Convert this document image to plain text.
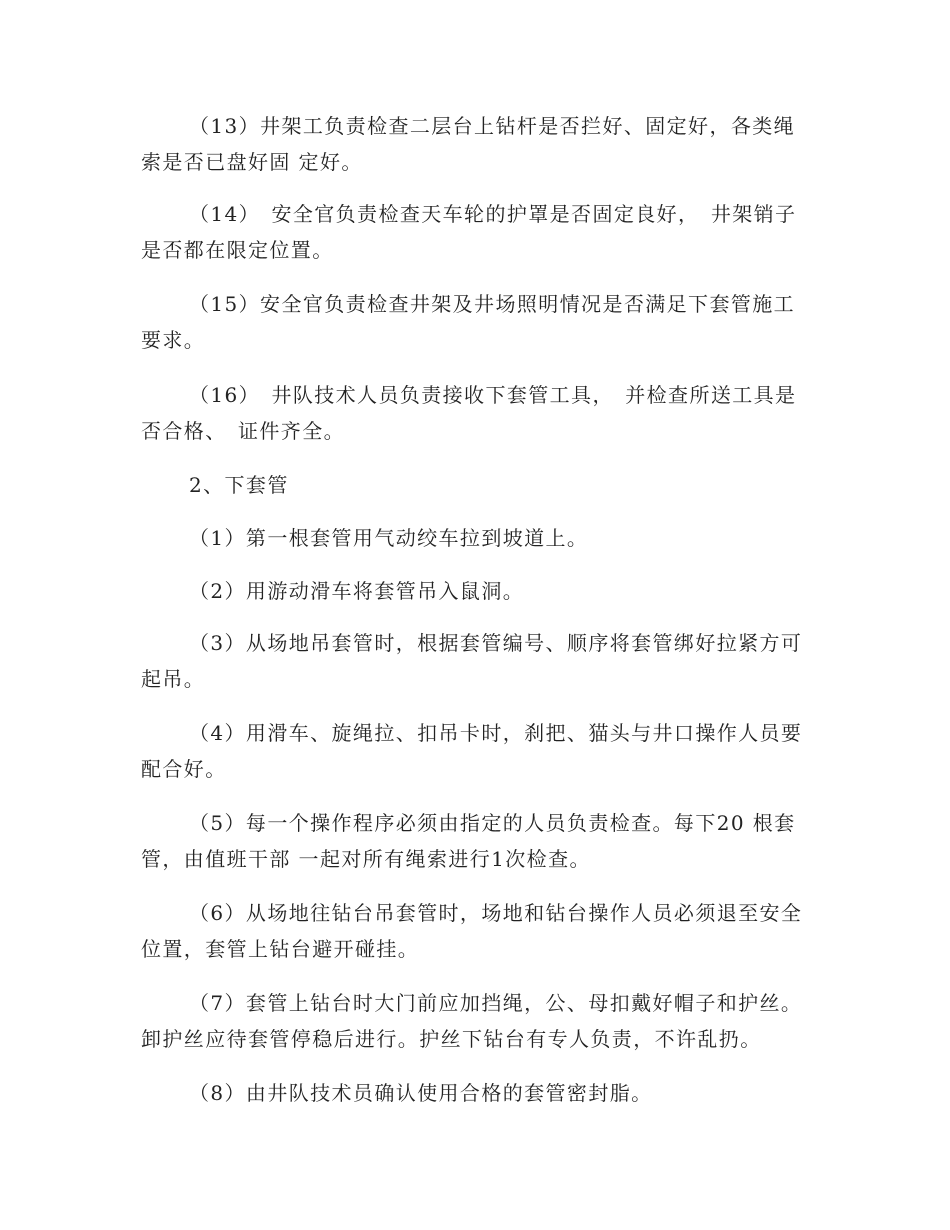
（13）井架工负责检查二层台上钻杆是否拦好、固定好，各类绳索是否已盘好固 定好。

（14）　安全官负责检查天车轮的护罩是否固定良好，　井架销子是否都在限定位置。

（15）安全官负责检查井架及井场照明情况是否满足下套管施工要求。

（16）　井队技术人员负责接收下套管工具，　并检查所送工具是否合格、　证件齐全。

2、下套管

（1）第一根套管用气动绞车拉到坡道上。

（2）用游动滑车将套管吊入鼠洞。

（3）从场地吊套管时，根据套管编号、顺序将套管绑好拉紧方可起吊。

（4）用滑车、旋绳拉、扣吊卡时，刹把、猫头与井口操作人员要配合好。

（5）每一个操作程序必须由指定的人员负责检查。每下20 根套管，由值班干部 一起对所有绳索进行1次检查。

（6）从场地往钻台吊套管时，场地和钻台操作人员必须退至安全位置，套管上钻台避开碰挂。

（7）套管上钻台时大门前应加挡绳，公、母扣戴好帽子和护丝。卸护丝应待套管停稳后进行。护丝下钻台有专人负责，不许乱扔。

（8）由井队技术员确认使用合格的套管密封脂。
